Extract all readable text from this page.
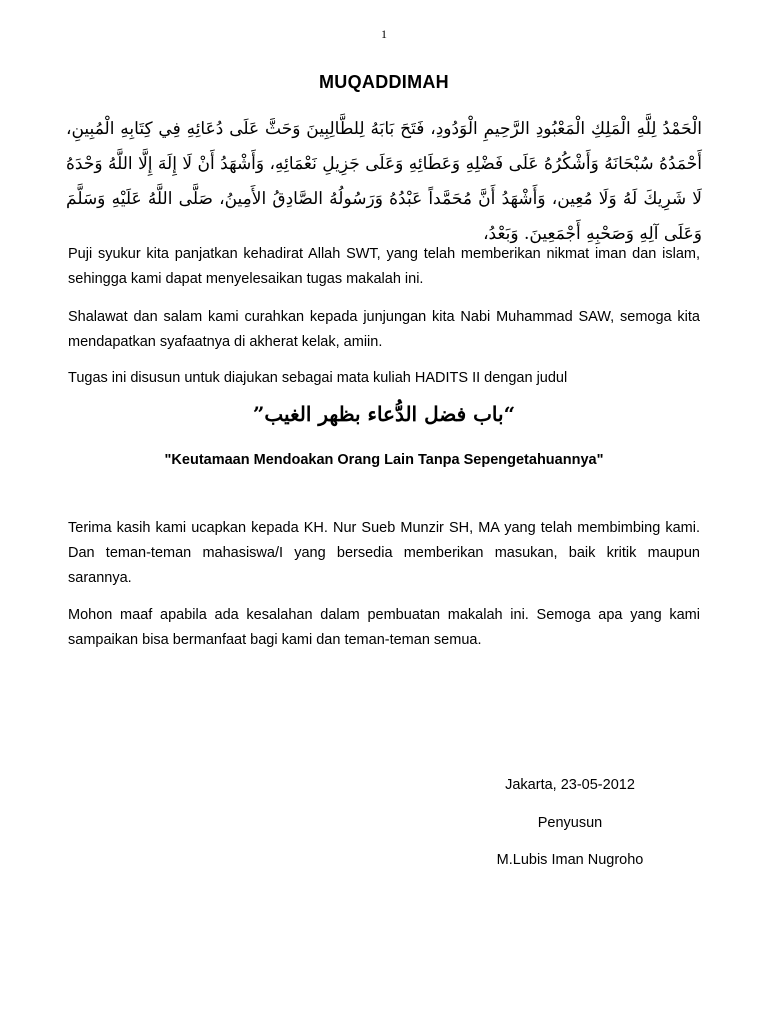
1
MUQADDIMAH
الْحَمْدُ لِلَّهِ الْمَلِكِ الْمَعْبُودِ الرَّحِيمِ الْوَدُودِ، فَتَحَ بَابَهُ لِلطَّالِبِينَ وَحَثَّ عَلَى دُعَائِهِ فِي كِتَابِهِ الْمُبِينِ، أَحْمَدُهُ سُبْحَانَهُ وَأَشْكُرُهُ عَلَى فَضْلِهِ وَعَطَائِهِ وَعَلَى جَزِيلِ نَعْمَائِهِ، وَأَشْهَدُ أَنْ لَا إِلَهَ إِلَّا اللَّهُ وَحْدَهُ لَا شَرِيكَ لَهُ وَلَا مُعِين، وَأَشْهَدُ أَنَّ مُحَمَّداً عَبْدُهُ وَرَسُولُهُ الصَّادِقُ الأَمِينُ، صَلَّى اللَّهُ عَلَيْهِ وَسَلَّمَ وَعَلَى آلِهِ وَصَحْبِهِ أَجْمَعِينَ. وَبَعْدُ،
Puji syukur kita panjatkan kehadirat Allah SWT, yang telah memberikan nikmat iman dan islam, sehingga kami dapat menyelesaikan tugas makalah ini.
Shalawat dan salam kami curahkan kepada junjungan kita Nabi Muhammad SAW, semoga kita mendapatkan syafaatnya di akherat kelak, amiin.
Tugas ini disusun untuk diajukan sebagai mata kuliah HADITS II dengan judul
“باب فضل الدُّعاء بظهر الغيب”
"Keutamaan Mendoakan Orang Lain Tanpa Sepengetahuannya"
Terima kasih kami ucapkan kepada KH. Nur Sueb Munzir SH, MA yang telah membimbing kami. Dan teman-teman mahasiswa/I yang bersedia memberikan masukan, baik kritik maupun sarannya.
Mohon maaf apabila ada kesalahan dalam pembuatan makalah ini. Semoga apa yang kami sampaikan bisa bermanfaat bagi kami dan teman-teman semua.
Jakarta, 23-05-2012
Penyusun
M.Lubis Iman Nugroho
